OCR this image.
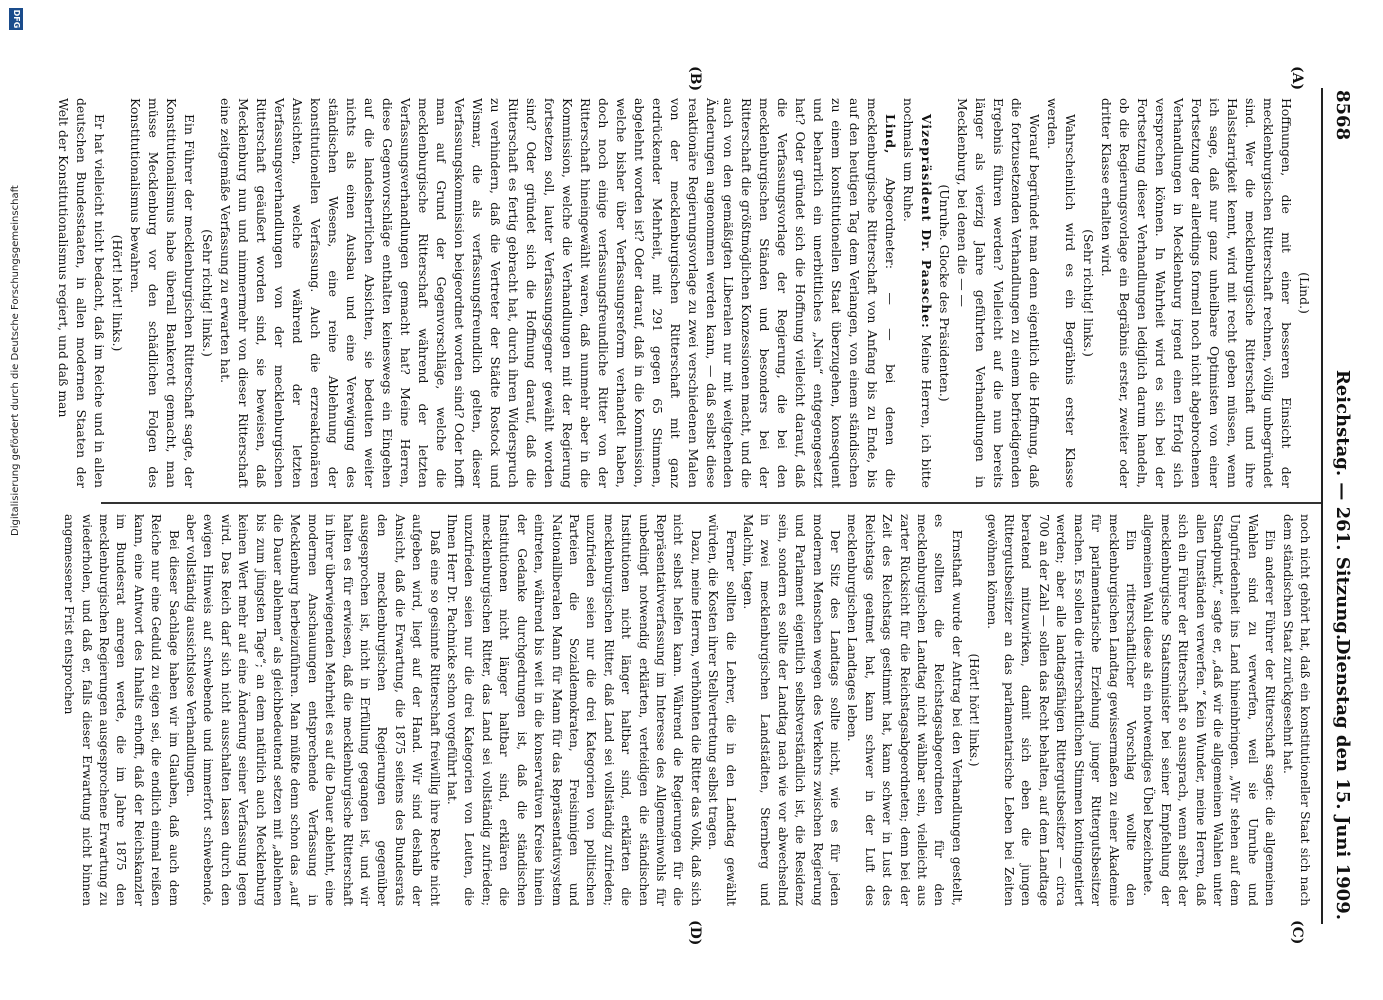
8568
Reichstag. — 261. Sitzung.
Dienstag den 15. Juni 1909.
(A)
(B)
(C)
(D)

(Lind.)

Hoffnungen, die mit einer besseren Einsicht der mecklenburgischen Ritterschaft rechnen, völlig unbegründet sind. Wer die mecklenburgische Ritterschaft und ihre Halsstarrigkeit kennt, wird mit recht geben müssen, wenn ich sage, daß nur ganz unheilbare Optimisten von einer Fortsetzung der allerdings formell noch nicht abgebrochenen Verhandlungen in Mecklenburg irgend einen Erfolg sich versprechen können. In Wahrheit wird es sich bei der Fortsetzung dieser Verhandlungen lediglich darum handeln, ob die Regierungsvorlage ein Begräbnis erster, zweiter oder dritter Klasse erhalten wird.

(Sehr richtig! links.)

Wahrscheinlich wird es ein Begräbnis erster Klasse werden.

Worauf begründet man denn eigentlich die Hoffnung, daß die fortzusetzenden Verhandlungen zu einem befriedigenden Ergebnis führen werden? Vielleicht auf die nun bereits länger als vierzig Jahre geführten Verhandlungen in Mecklenburg, bei denen die — —

(Unruhe. Glocke des Präsidenten.)

Vizepräsident Dr. Paasche: Meine Herren, ich bitte nochmals um Ruhe.

Lind, Abgeordneter: — — bei denen die mecklenburgische Ritterschaft von Anfang bis zu Ende, bis auf den heutigen Tag dem Verlangen, von einem ständischen zu einem konstitutionellen Staat überzugehen, konsequent und beharrlich ein unerbittliches „Nein“ entgegengesetzt hat? Oder gründet sich die Hoffnung vielleicht darauf, daß die Verfassungsvorlage der Regierung, die bei den mecklenburgischen Ständen und besonders bei der Ritterschaft die größtmöglichen Konzessionen macht, und die auch von den gemäßigten Liberalen nur mit weitgehenden Änderungen angenommen werden kann, — daß selbst diese reaktionäre Regierungsvorlage zu zwei verschiedenen Malen von der mecklenburgischen Ritterschaft mit ganz erdrückender Mehrheit, mit 291 gegen 65 Stimmen, abgelehnt worden ist? Oder darauf, daß in die Kommission, welche bisher über Verfassungsreform verhandelt haben, doch noch einige verfassungsfreundliche Ritter von der Ritterschaft hineingewählt waren, daß nunmehr aber in die Kommission, welche die Verhandlungen mit der Regierung fortsetzen soll, lauter Verfassungsgegner gewählt worden sind? Oder gründet sich die Hoffnung darauf, daß die Ritterschaft es fertig gebracht hat, durch ihren Widerspruch zu verhindern, daß die Vertreter der Städte Rostock und Wismar, die als verfassungsfreundlich gelten, dieser Verfassungskommission beigeordnet worden sind? Oder hofft man auf Grund der Gegenvorschläge, welche die mecklenburgische Ritterschaft während der letzten Verfassungsverhandlungen gemacht hat? Meine Herren, diese Gegenvorschläge enthalten keineswegs ein Eingehen auf die landesherrlichen Absichten, sie bedeuten weiter nichts als einen Ausbau und eine Verewigung des ständischen Wesens, eine reine Ablehnung der konstitutionellen Verfassung. Auch die erzreaktionären Ansichten, welche während der letzten Verfassungsverhandlungen von der mecklenburgischen Ritterschaft geäußert worden sind, sie beweisen, daß Mecklenburg nun und nimmermehr von dieser Ritterschaft eine zeitgemäße Verfassung zu erwarten hat.

(Sehr richtig! links.)

Ein Führer der mecklenburgischen Ritterschaft sagte, der Konstitutionalismus habe überall Bankerott gemacht, man müsse Mecklenburg vor den schädlichen Folgen des Konstitutionalismus bewahren.

(Hört! hört! links.)

Er hat vielleicht nicht bedacht, daß im Reiche und in allen deutschen Bundesstaaten, in allen modernen Staaten der Welt der Konstitutionalismus regiert, und daß man

noch nicht gehört hat, daß ein konstitutioneller Staat sich nach dem ständischen Staat zurückgesehnt hat.

Ein anderer Führer der Ritterschaft sagte: die allgemeinen Wahlen sind zu verwerfen, weil sie Unruhe und Ungufriedenheit ins Land hineinbringen. „Wir stehen auf dem Standpunkt,“ sagte er, „daß wir die allgemeinen Wahlen unter allen Umständen verwerfen.“ Kein Wunder, meine Herren, daß sich ein Führer der Ritterschaft so aussprach, wenn selbst der mecklenburgische Staatsminister bei seiner Empfehlung der allgemeinen Wahl diese als ein notwendiges Übel bezeichnete.

Ein ritterschaftlicher Vorschlag wollte den mecklenburgischen Landtag gewissermaßen zu einer Akademie für parlamentarische Erziehung junger Rittergutsbesitzer machen. Es sollen die ritterschaftlichen Stimmen kontingentiert werden; aber alle landtagsfähigen Rittergutsbesitzer — circa 700 an der Zahl — sollen das Recht behalten, auf dem Landtage beratend mitzuwirken, damit sich eben die jungen Rittergutsbesitzer an das parlamentarische Leben bei Zeiten gewöhnen können.

(Hört! hört! links.)

Ernsthaft wurde der Antrag bei den Verhandlungen gestellt, es sollten die Reichstagsabgeordneten für den mecklenburgischen Landtag nicht wählbar sein, vielleicht aus zarter Rücksicht für die Reichstagsabgeordneten; denn bei der Zeit des Reichstags gestimmt hat, kann schwer in Lust des Reichstags geatmet hat, kann schwer in der Luft des mecklenburgischen Landtages leben.

Der Sitz des Landtags sollte nicht, wie es für jeden modernen Menschen wegen des Verkehrs zwischen Regierung und Parlament eigentlich selbstverständlich ist, die Residenz sein, sondern es sollte der Landtag nach wie vor abwechselnd in zwei mecklenburgischen Landstädten, Sternberg und Malchin, tagen.

Ferner sollten die Lehrer, die in den Landtag gewählt würden, die Kosten ihrer Stellvertretung selbst tragen.

Dazu, meine Herren, verhöhnten die Ritter das Volk, daß sich nicht selbst helfen kann. Während die Regierungen für die Repräsentativverfassung im Interesse des Allgemeinwohls für unbedingt notwendig erklärten, verteidigen die ständischen Institutionen nicht länger haltbar sind, erklärten die mecklenburgischen Ritter, daß Land sei vollständig zufrieden; unzufrieden seien nur die drei Kategorien von politischen Parteien die Sozialdemokraten, Freisinnigen und Nationalliberalen Mann für Mann für das Repräsentativsystem eintreten, während bis weit in die konservativen Kreise hinein der Gedanke durchgedrungen ist, daß die ständischen Institutionen nicht länger haltbar sind, erklären die mecklenburgischen Ritter, das Land sei vollständig zufrieden; unzufrieden seien nur die drei Kategorien von Leuten, die Ihnen Herr Dr. Pachnicke schon vorgeführt hat.

Daß eine so gesinnte Ritterschaft freiwillig ihre Rechte nicht aufgeben wird, liegt auf der Hand. Wir sind deshalb der Ansicht, daß die Erwartung, die 1875 seitens des Bundesrats den mecklenburgischen Regierungen gegenüber ausgesprochen ist, nicht in Erfüllung gegangen ist, und wir halten es für erwiesen, daß die mecklenburgische Ritterschaft in ihrer überwiegenden Mehrheit es auf die Dauer ablehnt, eine modernen Anschauungen entsprechende Verfassung in Mecklenburg herbeizuführen. Man müßte denn schon das „auf die Dauer ablehnen“ als gleichbedeutend setzen mit „ablehnen bis zum jüngsten Tage“; an dem natürlich auch Mecklenburg keinen Wert mehr auf eine Änderung seiner Verfassung legen wird. Das Reich darf sich nicht ausschalten lassen durch den ewigen Hinweis auf schwebende und immerfort schwebende, aber vollständig aussichtslose Verhandlungen.

Bei dieser Sachlage haben wir im Glauben, daß auch dem Reiche nur eine Geduld zu eigen sei, die endlich einmal reißen kann, eine Antwort des Inhalts erhofft, daß der Reichskanzler im Bundesrat anregen werde, die im Jahre 1875 den mecklenburgischen Regierungen ausgesprochene Erwartung zu wiederholen, und daß er, falls dieser Erwartung nicht binnen angemessener Frist entsprochen

DFG
Digitalisierung gefördert durch die Deutsche Forschungsgemeinschaft
